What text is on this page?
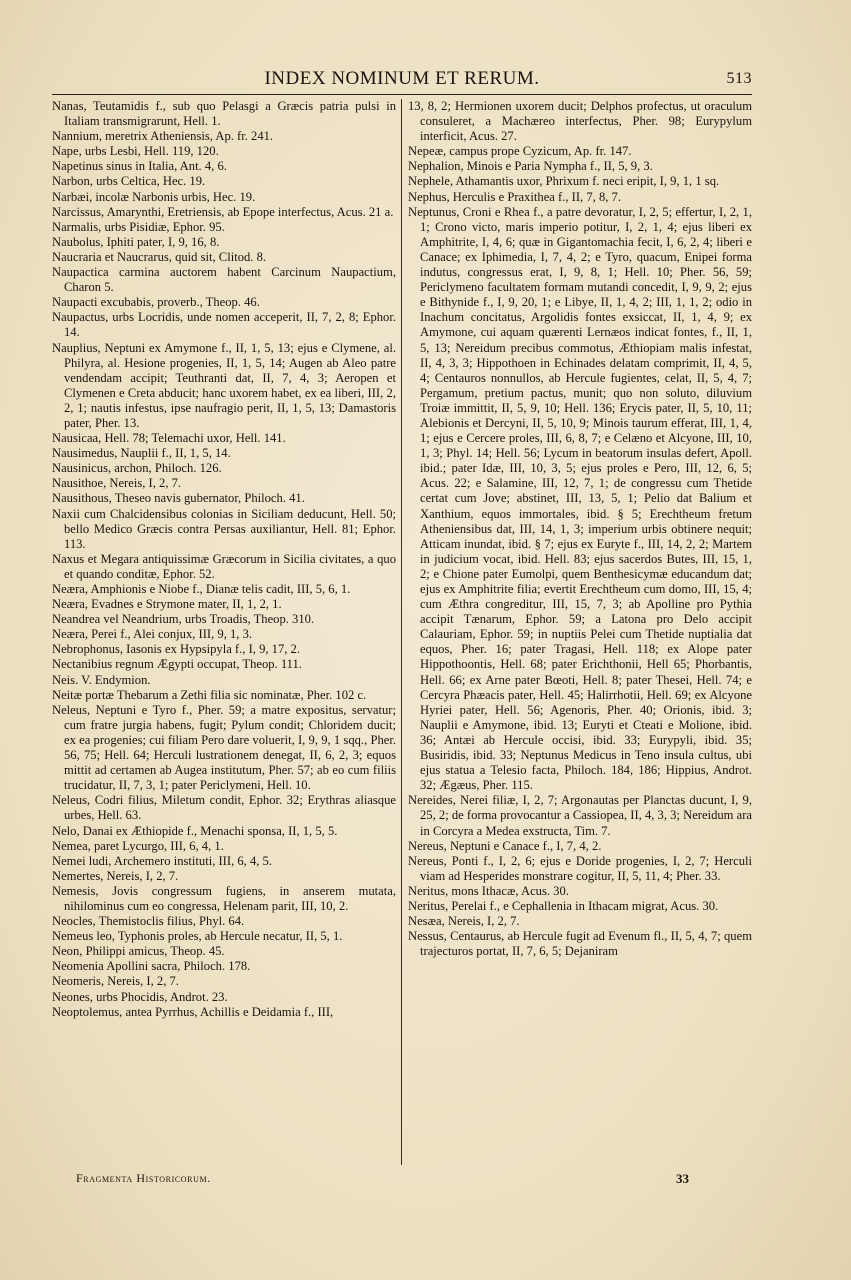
INDEX NOMINUM ET RERUM.	513

Nanas, Teutamidis f., sub quo Pelasgi a Græcis patria pulsi in Italiam transmigrarunt, Hell. 1.

Nannium, meretrix Atheniensis, Ap. fr. 241.

Nape, urbs Lesbi, Hell. 119, 120.

Napetinus sinus in Italia, Ant. 4, 6.

Narbon, urbs Celtica, Hec. 19.

Narbæi, incolæ Narbonis urbis, Hec. 19.

Narcissus, Amarynthi, Eretriensis, ab Epope interfectus, Acus. 21 a.

Narmalis, urbs Pisidiæ, Ephor. 95.

Naubolus, Iphiti pater, I, 9, 16, 8.

Naucraria et Naucrarus, quid sit, Clitod. 8.

Naupactica carmina auctorem habent Carcinum Naupactium, Charon 5.

Naupacti excubabis, proverb., Theop. 46.

Naupactus, urbs Locridis, unde nomen acceperit, II, 7, 2, 8; Ephor. 14.

Nauplius, Neptuni ex Amymone f., II, 1, 5, 13; ejus e Clymene, al. Philyra, al. Hesione progenies, II, 1, 5, 14; Augen ab Aleo patre vendendam accipit; Teuthranti dat, II, 7, 4, 3; Aeropen et Clymenen e Creta abducit; hanc uxorem habet, ex ea liberi, III, 2, 2, 1; nautis infestus, ipse naufragio perit, II, 1, 5, 13; Damastoris pater, Pher. 13.

Nausicaa, Hell. 78; Telemachi uxor, Hell. 141.

Nausimedus, Nauplii f., II, 1, 5, 14.

Nausinicus, archon, Philoch. 126.

Nausithoe, Nereis, I, 2, 7.

Nausithous, Theseo navis gubernator, Philoch. 41.

Naxii cum Chalcidensibus colonias in Siciliam deducunt, Hell. 50; bello Medico Græcis contra Persas auxiliantur, Hell. 81; Ephor. 113.

Naxus et Megara antiquissimæ Græcorum in Sicilia civitates, a quo et quando conditæ, Ephor. 52.

Neæra, Amphionis e Niobe f., Dianæ telis cadit, III, 5, 6, 1.

Neæra, Evadnes e Strymone mater, II, 1, 2, 1.

Neandrea vel Neandrium, urbs Troadis, Theop. 310.

Neæra, Perei f., Alei conjux, III, 9, 1, 3.

Nebrophonus, Iasonis ex Hypsipyla f., I, 9, 17, 2.

Nectanibius regnum Ægypti occupat, Theop. 111.

Neis. V. Endymion.

Neitæ portæ Thebarum a Zethi filia sic nominatæ, Pher. 102 c.

Neleus, Neptuni e Tyro f., Pher. 59; a matre expositus, servatur; cum fratre jurgia habens, fugit; Pylum condit; Chloridem ducit; ex ea progenies; cui filiam Pero dare voluerit, I, 9, 9, 1 sqq., Pher. 56, 75; Hell. 64; Herculi lustrationem denegat, II, 6, 2, 3; equos mittit ad certamen ab Augea institutum, Pher. 57; ab eo cum filiis trucidatur, II, 7, 3, 1; pater Periclymeni, Hell. 10.

Neleus, Codri filius, Miletum condit, Ephor. 32; Erythras aliasque urbes, Hell. 63.

Nelo, Danai ex Æthiopide f., Menachi sponsa, II, 1, 5, 5.

Nemea, paret Lycurgo, III, 6, 4, 1.

Nemei ludi, Archemero instituti, III, 6, 4, 5.

Nemertes, Nereis, I, 2, 7.

Nemesis, Jovis congressum fugiens, in anserem mutata, nihilominus cum eo congressa, Helenam parit, III, 10, 2.

Neocles, Themistoclis filius, Phyl. 64.

Nemeus leo, Typhonis proles, ab Hercule necatur, II, 5, 1.

Neon, Philippi amicus, Theop. 45.

Neomenia Apollini sacra, Philoch. 178.

Neomeris, Nereis, I, 2, 7.

Neones, urbs Phocidis, Androt. 23.

Neoptolemus, antea Pyrrhus, Achillis e Deidamia f., III,

13, 8, 2; Hermionen uxorem ducit; Delphos profectus, ut oraculum consuleret, a Machæreo interfectus, Pher. 98; Eurypylum interficit, Acus. 27.

Nepeæ, campus prope Cyzicum, Ap. fr. 147.

Nephalion, Minois e Paria Nympha f., II, 5, 9, 3.

Nephele, Athamantis uxor, Phrixum f. neci eripit, I, 9, 1, 1 sq.

Nephus, Herculis e Praxithea f., II, 7, 8, 7.

Neptunus, Croni e Rhea f., a patre devoratur, I, 2, 5; effertur, I, 2, 1, 1; Crono victo, maris imperio potitur, I, 2, 1, 4; ejus liberi ex Amphitrite, I, 4, 6; quæ in Gigantomachia fecit, I, 6, 2, 4; liberi e Canace; ex Iphimedia, I, 7, 4, 2; e Tyro, quacum, Enipei forma indutus, congressus erat, I, 9, 8, 1; Hell. 10; Pher. 56, 59; Periclymeno facultatem formam mutandi concedit, I, 9, 9, 2; ejus e Bithynide f., I, 9, 20, 1; e Libye, II, 1, 4, 2; III, 1, 1, 2; odio in Inachum concitatus, Argolidis fontes exsiccat, II, 1, 4, 9; ex Amymone, cui aquam quærenti Lernæos indicat fontes, f., II, 1, 5, 13; Nereidum precibus commotus, Æthiopiam malis infestat, II, 4, 3, 3; Hippothoen in Echinades delatam comprimit, II, 4, 5, 4; Centauros nonnullos, ab Hercule fugientes, celat, II, 5, 4, 7; Pergamum, pretium pactus, munit; quo non soluto, diluvium Troiæ immittit, II, 5, 9, 10; Hell. 136; Erycis pater, II, 5, 10, 11; Alebionis et Dercyni, II, 5, 10, 9; Minois taurum efferat, III, 1, 4, 1; ejus e Cercere proles, III, 6, 8, 7; e Celæno et Alcyone, III, 10, 1, 3; Phyl. 14; Hell. 56; Lycum in beatorum insulas defert, Apoll. ibid.; pater Idæ, III, 10, 3, 5; ejus proles e Pero, III, 12, 6, 5; Acus. 22; e Salamine, III, 12, 7, 1; de congressu cum Thetide certat cum Jove; abstinet, III, 13, 5, 1; Pelio dat Balium et Xanthium, equos immortales, ibid. § 5; Erechtheum fretum Atheniensibus dat, III, 14, 1, 3; imperium urbis obtinere nequit; Atticam inundat, ibid. § 7; ejus ex Euryte f., III, 14, 2, 2; Martem in judicium vocat, ibid. Hell. 83; ejus sacerdos Butes, III, 15, 1, 2; e Chione pater Eumolpi, quem Benthesicymæ educandum dat; ejus ex Amphitrite filia; evertit Erechtheum cum domo, III, 15, 4; cum Æthra congreditur, III, 15, 7, 3; ab Apolline pro Pythia accipit Tænarum, Ephor. 59; a Latona pro Delo accipit Calauriam, Ephor. 59; in nuptiis Pelei cum Thetide nuptialia dat equos, Pher. 16; pater Tragasi, Hell. 118; ex Alope pater Hippothoontis, Hell. 68; pater Erichthonii, Hell 65; Phorbantis, Hell. 66; ex Arne pater Bœoti, Hell. 8; pater Thesei, Hell. 74; e Cercyra Phæacis pater, Hell. 45; Halirrhotii, Hell. 69; ex Alcyone Hyriei pater, Hell. 56; Agenoris, Pher. 40; Orionis, ibid. 3; Nauplii e Amymone, ibid. 13; Euryti et Cteati e Molione, ibid. 36; Antæi ab Hercule occisi, ibid. 33; Eurypyli, ibid. 35; Busiridis, ibid. 33; Neptunus Medicus in Teno insula cultus, ubi ejus statua a Telesio facta, Philoch. 184, 186; Hippius, Androt. 32; Ægæus, Pher. 115.

Nereides, Nerei filiæ, I, 2, 7; Argonautas per Planctas ducunt, I, 9, 25, 2; de forma provocantur a Cassiopea, II, 4, 3, 3; Nereidum ara in Corcyra a Medea exstructa, Tim. 7.

Nereus, Neptuni e Canace f., I, 7, 4, 2.

Nereus, Ponti f., I, 2, 6; ejus e Doride progenies, I, 2, 7; Herculi viam ad Hesperides monstrare cogitur, II, 5, 11, 4; Pher. 33.

Neritus, mons Ithacæ, Acus. 30.

Neritus, Perelai f., e Cephallenia in Ithacam migrat, Acus. 30.

Nesæa, Nereis, I, 2, 7.

Nessus, Centaurus, ab Hercule fugit ad Evenum fl., II, 5, 4, 7; quem trajecturos portat, II, 7, 6, 5; Dejaniram

Fragmenta Historicorum.	33
